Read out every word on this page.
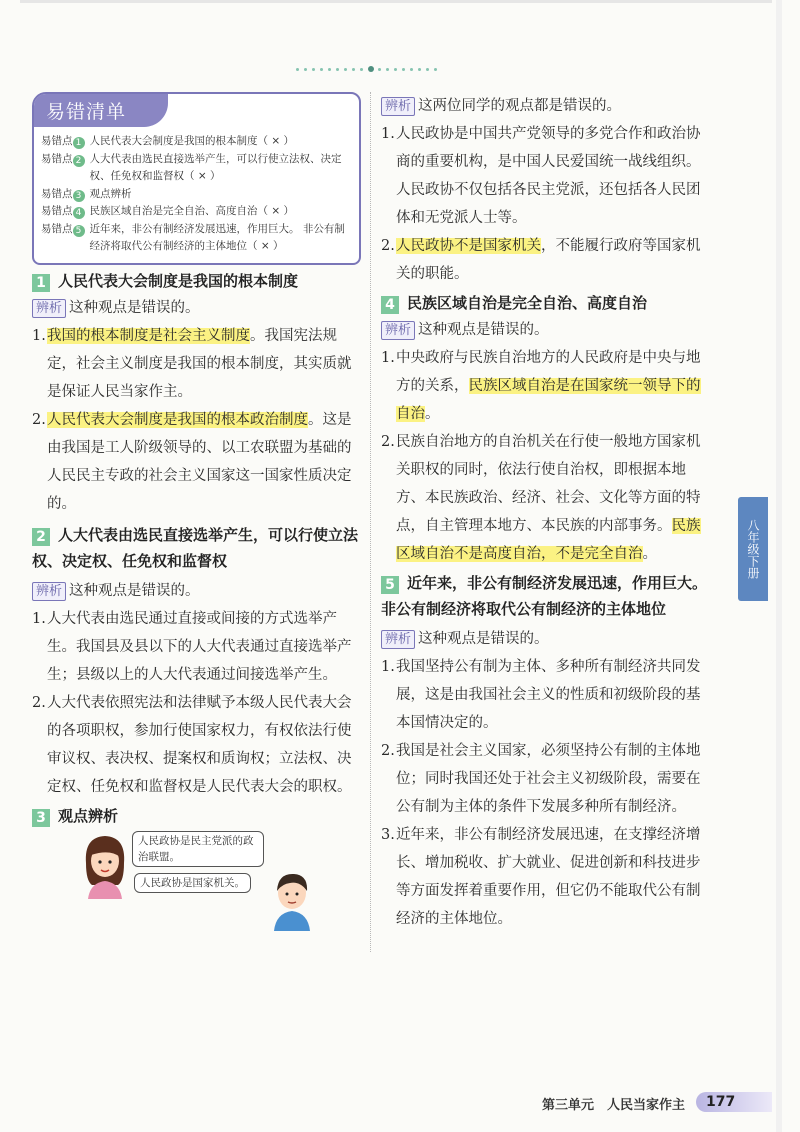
易错清单
易错点 1 人民代表大会制度是我国的根本制度（ × ）
易错点 2 人大代表由选民直接选举产生，可以行使立法权、决定权、任免权和监督权（ × ）
易错点 3 观点辨析
易错点 4 民族区域自治是完全自治、高度自治（ × ）
易错点 5 近年来，非公有制经济发展迅速，作用巨大。 非公有制经济将取代公有制经济的主体地位（ × ）
1 人民代表大会制度是我国的根本制度
辨析 这种观点是错误的。
1. 我国的根本制度是社会主义制度。我国宪法规定，社会主义制度是我国的根本制度，其实质就是保证人民当家作主。
2. 人民代表大会制度是我国的根本政治制度。这是由我国是工人阶级领导的、以工农联盟为基础的人民民主专政的社会主义国家这一国家性质决定的。
2 人大代表由选民直接选举产生，可以行使立法权、决定权、任免权和监督权
辨析 这种观点是错误的。
1. 人大代表由选民通过直接或间接的方式选举产生。我国县及县以下的人大代表通过直接选举产生；县级以上的人大代表通过间接选举产生。
2. 人大代表依照宪法和法律赋予本级人民代表大会的各项职权，参加行使国家权力，有权依法行使审议权、表决权、提案权和质询权；立法权、决定权、任免权和监督权是人民代表大会的职权。
3 观点辨析
人民政协是民主党派的政治联盟。
人民政协是国家机关。
辨析 这两位同学的观点都是错误的。
1. 人民政协是中国共产党领导的多党合作和政治协商的重要机构，是中国人民爱国统一战线组织。人民政协不仅包括各民主党派，还包括各人民团体和无党派人士等。
2. 人民政协不是国家机关，不能履行政府等国家机关的职能。
4 民族区域自治是完全自治、高度自治
辨析 这种观点是错误的。
1. 中央政府与民族自治地方的人民政府是中央与地方的关系，民族区域自治是在国家统一领导下的自治。
2. 民族自治地方的自治机关在行使一般地方国家机关职权的同时，依法行使自治权，即根据本地方、本民族政治、经济、社会、文化等方面的特点，自主管理本地方、本民族的内部事务。民族区域自治不是高度自治，不是完全自治。
5 近年来，非公有制经济发展迅速，作用巨大。 非公有制经济将取代公有制经济的主体地位
辨析 这种观点是错误的。
1. 我国坚持公有制为主体、多种所有制经济共同发展，这是由我国社会主义的性质和初级阶段的基本国情决定的。
2. 我国是社会主义国家，必须坚持公有制的主体地位；同时我国还处于社会主义初级阶段，需要在公有制为主体的条件下发展多种所有制经济。
3. 近年来，非公有制经济发展迅速，在支撑经济增长、增加税收、扩大就业、促进创新和科技进步等方面发挥着重要作用，但它仍不能取代公有制经济的主体地位。
八年级下册
第三单元　人民当家作主 177
